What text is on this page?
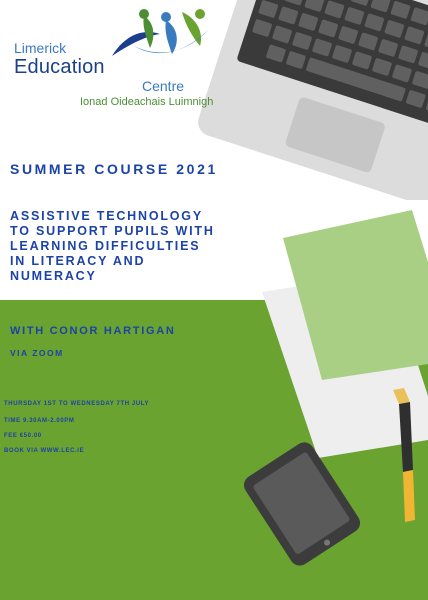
Limerick
Education
Centre
Ionad Oideachais Luimnigh

SUMMER COURSE 2021

ASSISTIVE TECHNOLOGY
TO SUPPORT PUPILS WITH
LEARNING DIFFICULTIES
IN LITERACY AND
NUMERACY

WITH CONOR HARTIGAN

VIA ZOOM

THURSDAY 1ST TO WEDNESDAY 7TH JULY

TIME 9.30AM-2.00PM

FEE €50.00

BOOK VIA WWW.LEC.IE
